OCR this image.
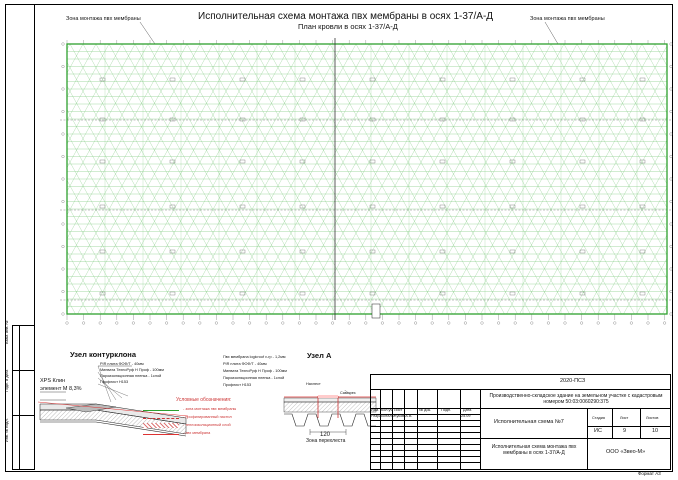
Исполнительная схема монтажа пвх мембраны в осях 1-37/А-Д
План кровли в осях 1-37/А-Д
Зона монтажа пвх мембраны	Зона монтажа пвх мембраны
Взам. инв. №
Подп. и дата
Инв. № подл.
Узел контурклона
XPS Клин
элемент M 8,3%
PIR плита ФОФ/Т - 40мм
Минвата ТехноРуф Н Проф - 100мм
Пароизоляционная пленка - 1слой
Профлист Н153
Узел А
Пвх мембрана logicroof v-rp - 1,2мм
PIR плита ФОФ/Т - 40мм
Минвата ТехноРуф Н Проф - 100мм
Пароизоляционная пленка - 1слой
Профлист Н153	Нахлест
Саморез
120
Зона перехлеста
Условные обозначения:
- зона монтажа пвх мембраны
- профилированный настил
- теплоизоляционный слой
- пвх мембрана
2020-ПСЗ
Производственно-складское здание на земельном участке с кадастровым номером 50:03:0060290:375
Изм. Кол.уч Лист	№ док.	Подп.	Дата
Разработал Жуков А.В.	25.09
Исполнительная схема №7
Стадия	Лист	Листов
ИС	9	10
Исполнительная схема монтажа пвх мембраны в осях 1-37/А-Д	ООО «Звео-М»
Формат А3
